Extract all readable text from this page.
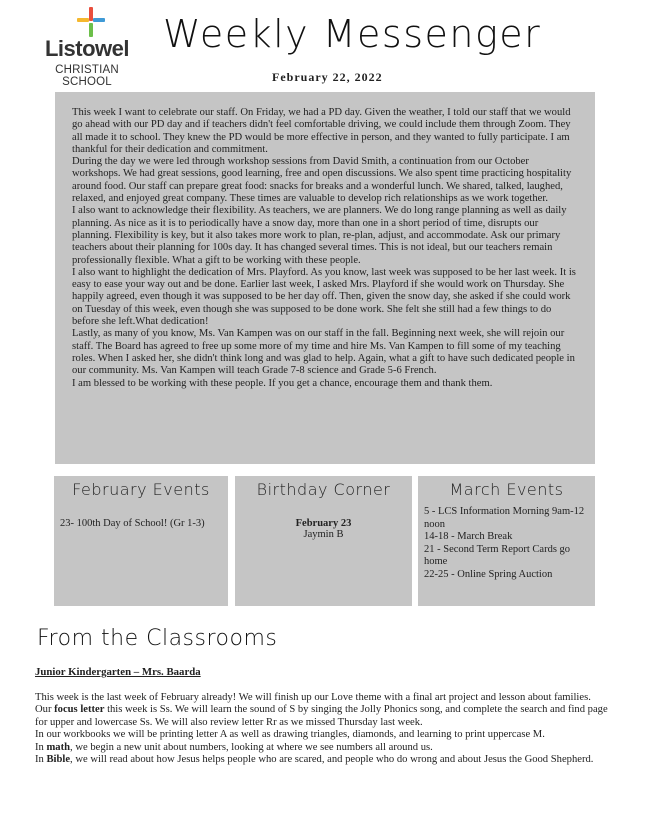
Listowel
CHRISTIAN SCHOOL
Weekly Messenger
February 22, 2022

This week I want to celebrate our staff. On Friday, we had a PD day. Given the weather, I told our staff that we would go ahead with our PD day and if teachers didn't feel comfortable driving, we could include them through Zoom. They all made it to school. They knew the PD would be more effective in person, and they wanted to fully participate. I am thankful for their dedication and commitment.

During the day we were led through workshop sessions from David Smith, a continuation from our October workshops. We had great sessions, good learning, free and open discussions. We also spent time practicing hospitality around food. Our staff can prepare great food: snacks for breaks and a wonderful lunch. We shared, talked, laughed, relaxed, and enjoyed great company. These times are valuable to develop rich relationships as we work together.

I also want to acknowledge their flexibility. As teachers, we are planners. We do long range planning as well as daily planning. As nice as it is to periodically have a snow day, more than one in a short period of time, disrupts our planning. Flexibility is key, but it also takes more work to plan, re-plan, adjust, and accommodate. Ask our primary teachers about their planning for 100s day. It has changed several times. This is not ideal, but our teachers remain professionally flexible. What a gift to be working with these people.

I also want to highlight the dedication of Mrs. Playford. As you know, last week was supposed to be her last week. It is easy to ease your way out and be done. Earlier last week, I asked Mrs. Playford if she would work on Thursday. She happily agreed, even though it was supposed to be her day off. Then, given the snow day, she asked if she could work on Tuesday of this week, even though she was supposed to be done work. She felt she still had a few things to do before she left.What dedication!

Lastly, as many of you know, Ms. Van Kampen was on our staff in the fall. Beginning next week, she will rejoin our staff. The Board has agreed to free up some more of my time and hire Ms. Van Kampen to fill some of my teaching roles. When I asked her, she didn't think long and was glad to help. Again, what a gift to have such dedicated people in our community. Ms. Van Kampen will teach Grade 7-8 science and Grade 5-6 French.

I am blessed to be working with these people. If you get a chance, encourage them and thank them.

February Events
23- 100th Day of School! (Gr 1-3)
Birthday Corner
February 23
Jaymin B
March Events
5 - LCS Information Morning 9am-12 noon
14-18 - March Break
21 - Second Term Report Cards go home
22-25 - Online Spring Auction
From the Classrooms
Junior Kindergarten – Mrs. Baarda

This week is the last week of February already! We will finish up our Love theme with a final art project and lesson about families.

Our focus letter this week is Ss. We will learn the sound of S by singing the Jolly Phonics song, and complete the search and find page for upper and lowercase Ss. We will also review letter Rr as we missed Thursday last week.

In our workbooks we will be printing letter A as well as drawing triangles, diamonds, and learning to print uppercase M.

In math, we begin a new unit about numbers, looking at where we see numbers all around us.

In Bible, we will read about how Jesus helps people who are scared, and people who do wrong and about Jesus the Good Shepherd.
